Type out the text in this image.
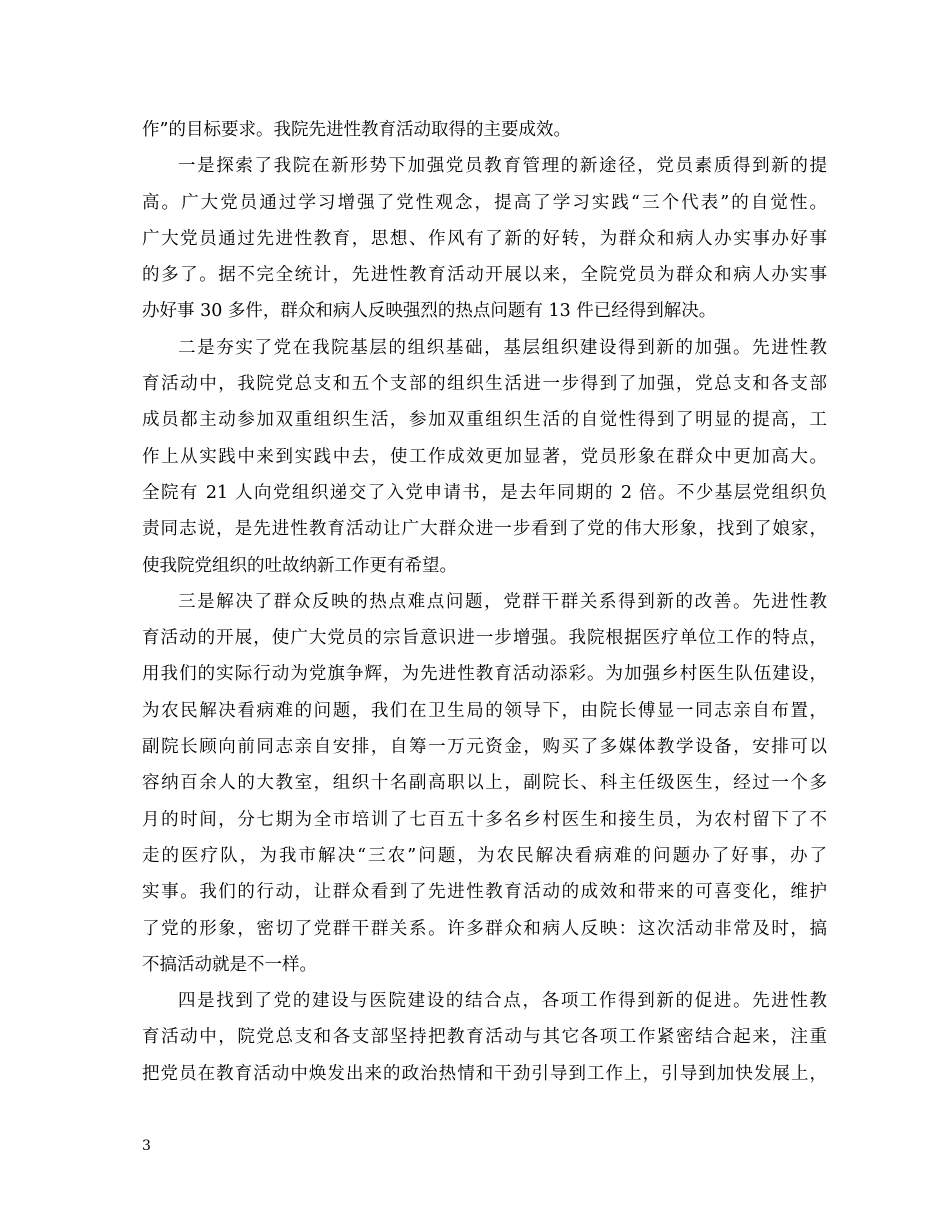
作”的目标要求。我院先进性教育活动取得的主要成效。
一是探索了我院在新形势下加强党员教育管理的新途径，党员素质得到新的提
高。广大党员通过学习增强了党性观念，提高了学习实践“三个代表”的自觉性。
广大党员通过先进性教育，思想、作风有了新的好转，为群众和病人办实事办好事
的多了。据不完全统计，先进性教育活动开展以来，全院党员为群众和病人办实事
办好事 30 多件，群众和病人反映强烈的热点问题有 13 件已经得到解决。
二是夯实了党在我院基层的组织基础，基层组织建设得到新的加强。先进性教
育活动中，我院党总支和五个支部的组织生活进一步得到了加强，党总支和各支部
成员都主动参加双重组织生活，参加双重组织生活的自觉性得到了明显的提高，工
作上从实践中来到实践中去，使工作成效更加显著，党员形象在群众中更加高大。
全院有 21 人向党组织递交了入党申请书，是去年同期的 2 倍。不少基层党组织负
责同志说，是先进性教育活动让广大群众进一步看到了党的伟大形象，找到了娘家，
使我院党组织的吐故纳新工作更有希望。
三是解决了群众反映的热点难点问题，党群干群关系得到新的改善。先进性教
育活动的开展，使广大党员的宗旨意识进一步增强。我院根据医疗单位工作的特点，
用我们的实际行动为党旗争辉，为先进性教育活动添彩。为加强乡村医生队伍建设，
为农民解决看病难的问题，我们在卫生局的领导下，由院长傅显一同志亲自布置，
副院长顾向前同志亲自安排，自筹一万元资金，购买了多媒体教学设备，安排可以
容纳百余人的大教室，组织十名副高职以上，副院长、科主任级医生，经过一个多
月的时间，分七期为全市培训了七百五十多名乡村医生和接生员，为农村留下了不
走的医疗队，为我市解决“三农”问题，为农民解决看病难的问题办了好事，办了
实事。我们的行动，让群众看到了先进性教育活动的成效和带来的可喜变化，维护
了党的形象，密切了党群干群关系。许多群众和病人反映：这次活动非常及时，搞
不搞活动就是不一样。
四是找到了党的建设与医院建设的结合点，各项工作得到新的促进。先进性教
育活动中，院党总支和各支部坚持把教育活动与其它各项工作紧密结合起来，注重
把党员在教育活动中焕发出来的政治热情和干劲引导到工作上，引导到加快发展上，
3
